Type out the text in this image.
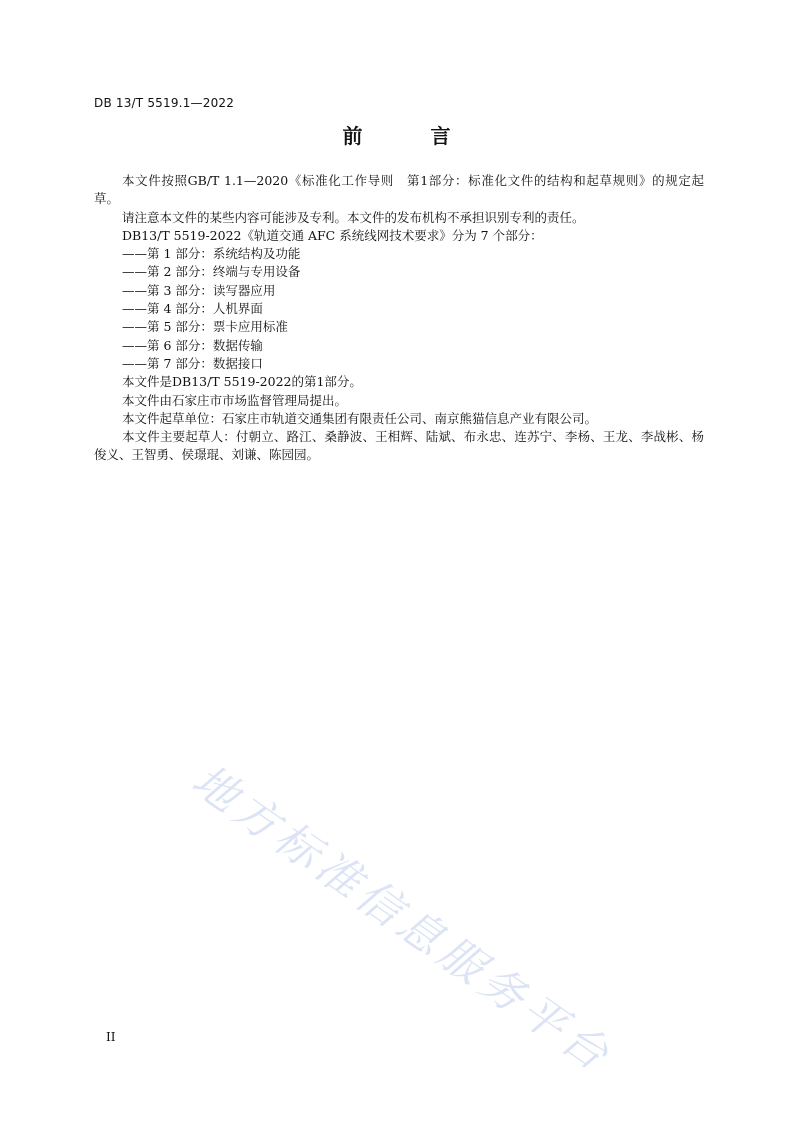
DB 13/T 5519.1—2022
前　言

本文件按照GB/T 1.1—2020《标准化工作导则　第1部分：标准化文件的结构和起草规则》的规定起草。

请注意本文件的某些内容可能涉及专利。本文件的发布机构不承担识别专利的责任。

DB13/T 5519-2022《轨道交通 AFC 系统线网技术要求》分为 7 个部分：

——第 1 部分：系统结构及功能

——第 2 部分：终端与专用设备

——第 3 部分：读写器应用

——第 4 部分：人机界面

——第 5 部分：票卡应用标准

——第 6 部分：数据传输

——第 7 部分：数据接口

本文件是DB13/T 5519-2022的第1部分。

本文件由石家庄市市场监督管理局提出。

本文件起草单位：石家庄市轨道交通集团有限责任公司、南京熊猫信息产业有限公司。

本文件主要起草人：付朝立、路江、桑静波、王相辉、陆斌、布永忠、连苏宁、李杨、王龙、李战彬、杨俊义、王智勇、侯璟琨、刘谦、陈园园。

地方标准信息服务平台
II
